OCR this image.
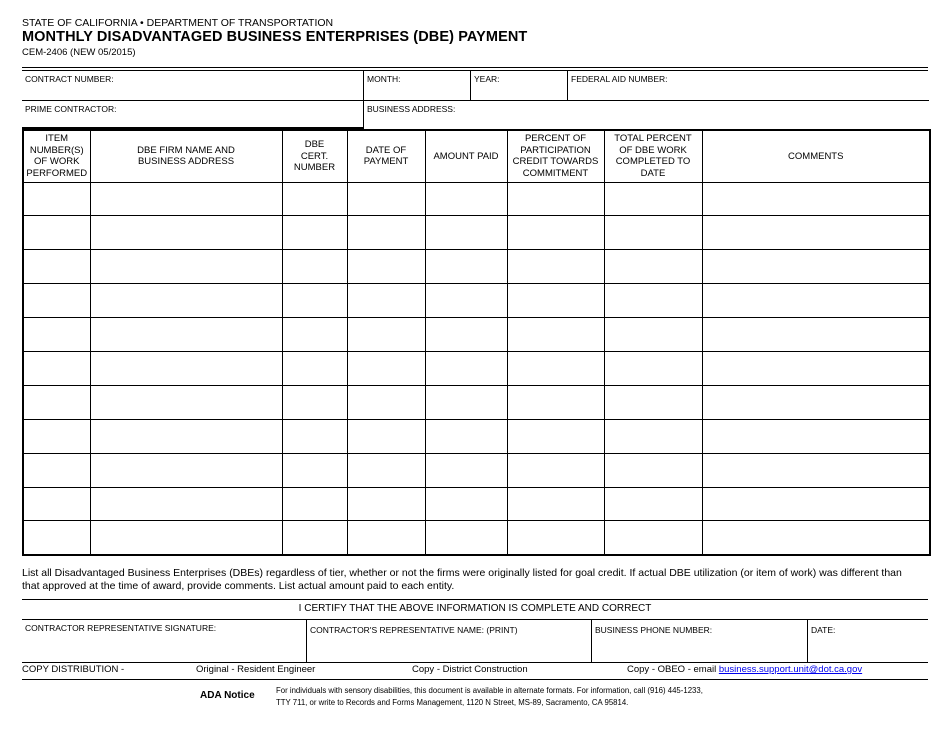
STATE OF CALIFORNIA • DEPARTMENT OF TRANSPORTATION
MONTHLY DISADVANTAGED BUSINESS ENTERPRISES (DBE) PAYMENT
CEM-2406 (NEW 05/2015)
CONTRACT NUMBER:	MONTH:	YEAR:	FEDERAL AID NUMBER:
PRIME CONTRACTOR:	BUSINESS ADDRESS:
ITEM NUMBER(S) OF WORK PERFORMED	DBE FIRM NAME AND BUSINESS ADDRESS	DBE CERT. NUMBER	DATE OF PAYMENT	AMOUNT PAID	PERCENT OF PARTICIPATION CREDIT TOWARDS COMMITMENT	TOTAL PERCENT OF DBE WORK COMPLETED TO DATE	COMMENTS

List all Disadvantaged Business Enterprises (DBEs) regardless of tier, whether or not the firms were originally listed for goal credit. If actual DBE utilization (or item of work) was different than that approved at the time of award, provide comments. List actual amount paid to each entity.
I CERTIFY THAT THE ABOVE INFORMATION IS COMPLETE AND CORRECT
CONTRACTOR REPRESENTATIVE SIGNATURE:	CONTRACTOR'S REPRESENTATIVE NAME: (PRINT)	BUSINESS PHONE NUMBER:	DATE:
COPY DISTRIBUTION -	Original - Resident Engineer	Copy - District Construction	Copy - OBEO - email business.support.unit@dot.ca.gov
ADA Notice	For individuals with sensory disabilities, this document is available in alternate formats. For information, call (916) 445-1233,
TTY 711, or write to Records and Forms Management, 1120 N Street, MS-89, Sacramento, CA 95814.
